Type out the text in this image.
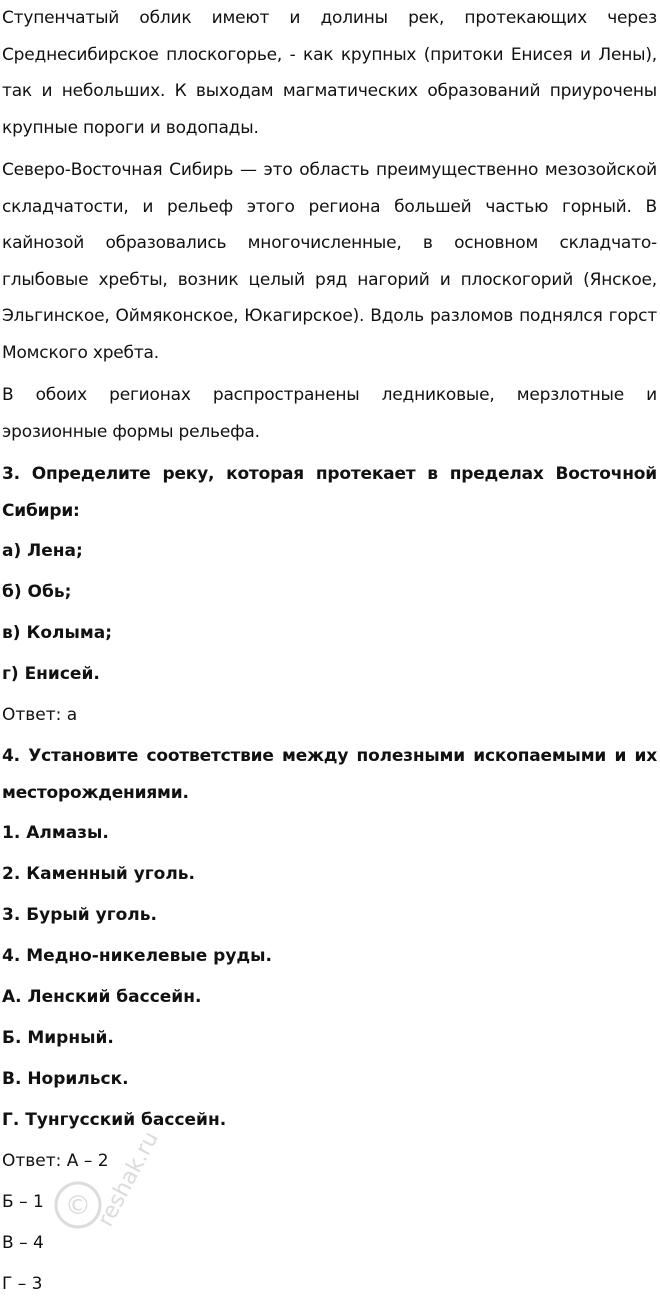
Ступенчатый облик имеют и долины рек, протекающих через Среднесибирское плоскогорье, - как крупных (притоки Енисея и Лены), так и небольших. К выходам магматических образований приурочены крупные пороги и водопады.

Северо-Восточная Сибирь — это область преимущественно мезозойской складчатости, и рельеф этого региона большей частью горный. В кайнозой образовались многочисленные, в основном складчато-глыбовые хребты, возник целый ряд нагорий и плоскогорий (Янское, Эльгинское, Оймяконское, Юкагирское). Вдоль разломов поднялся горст Момского хребта.

В обоих регионах распространены ледниковые, мерзлотные и эрозионные формы рельефа.

3. Определите реку, которая протекает в пределах Восточной Сибири:

а) Лена;

б) Обь;

в) Колыма;

г) Енисей.

Ответ: а

4. Установите соответствие между полезными ископаемыми и их месторождениями.

1. Алмазы.

2. Каменный уголь.

3. Бурый уголь.

4. Медно-никелевые руды.

А. Ленский бассейн.

Б. Мирный.

В. Норильск.

Г. Тунгусский бассейн.

Ответ: А – 2

Б – 1

В – 4

Г – 3

© reshak.ru
